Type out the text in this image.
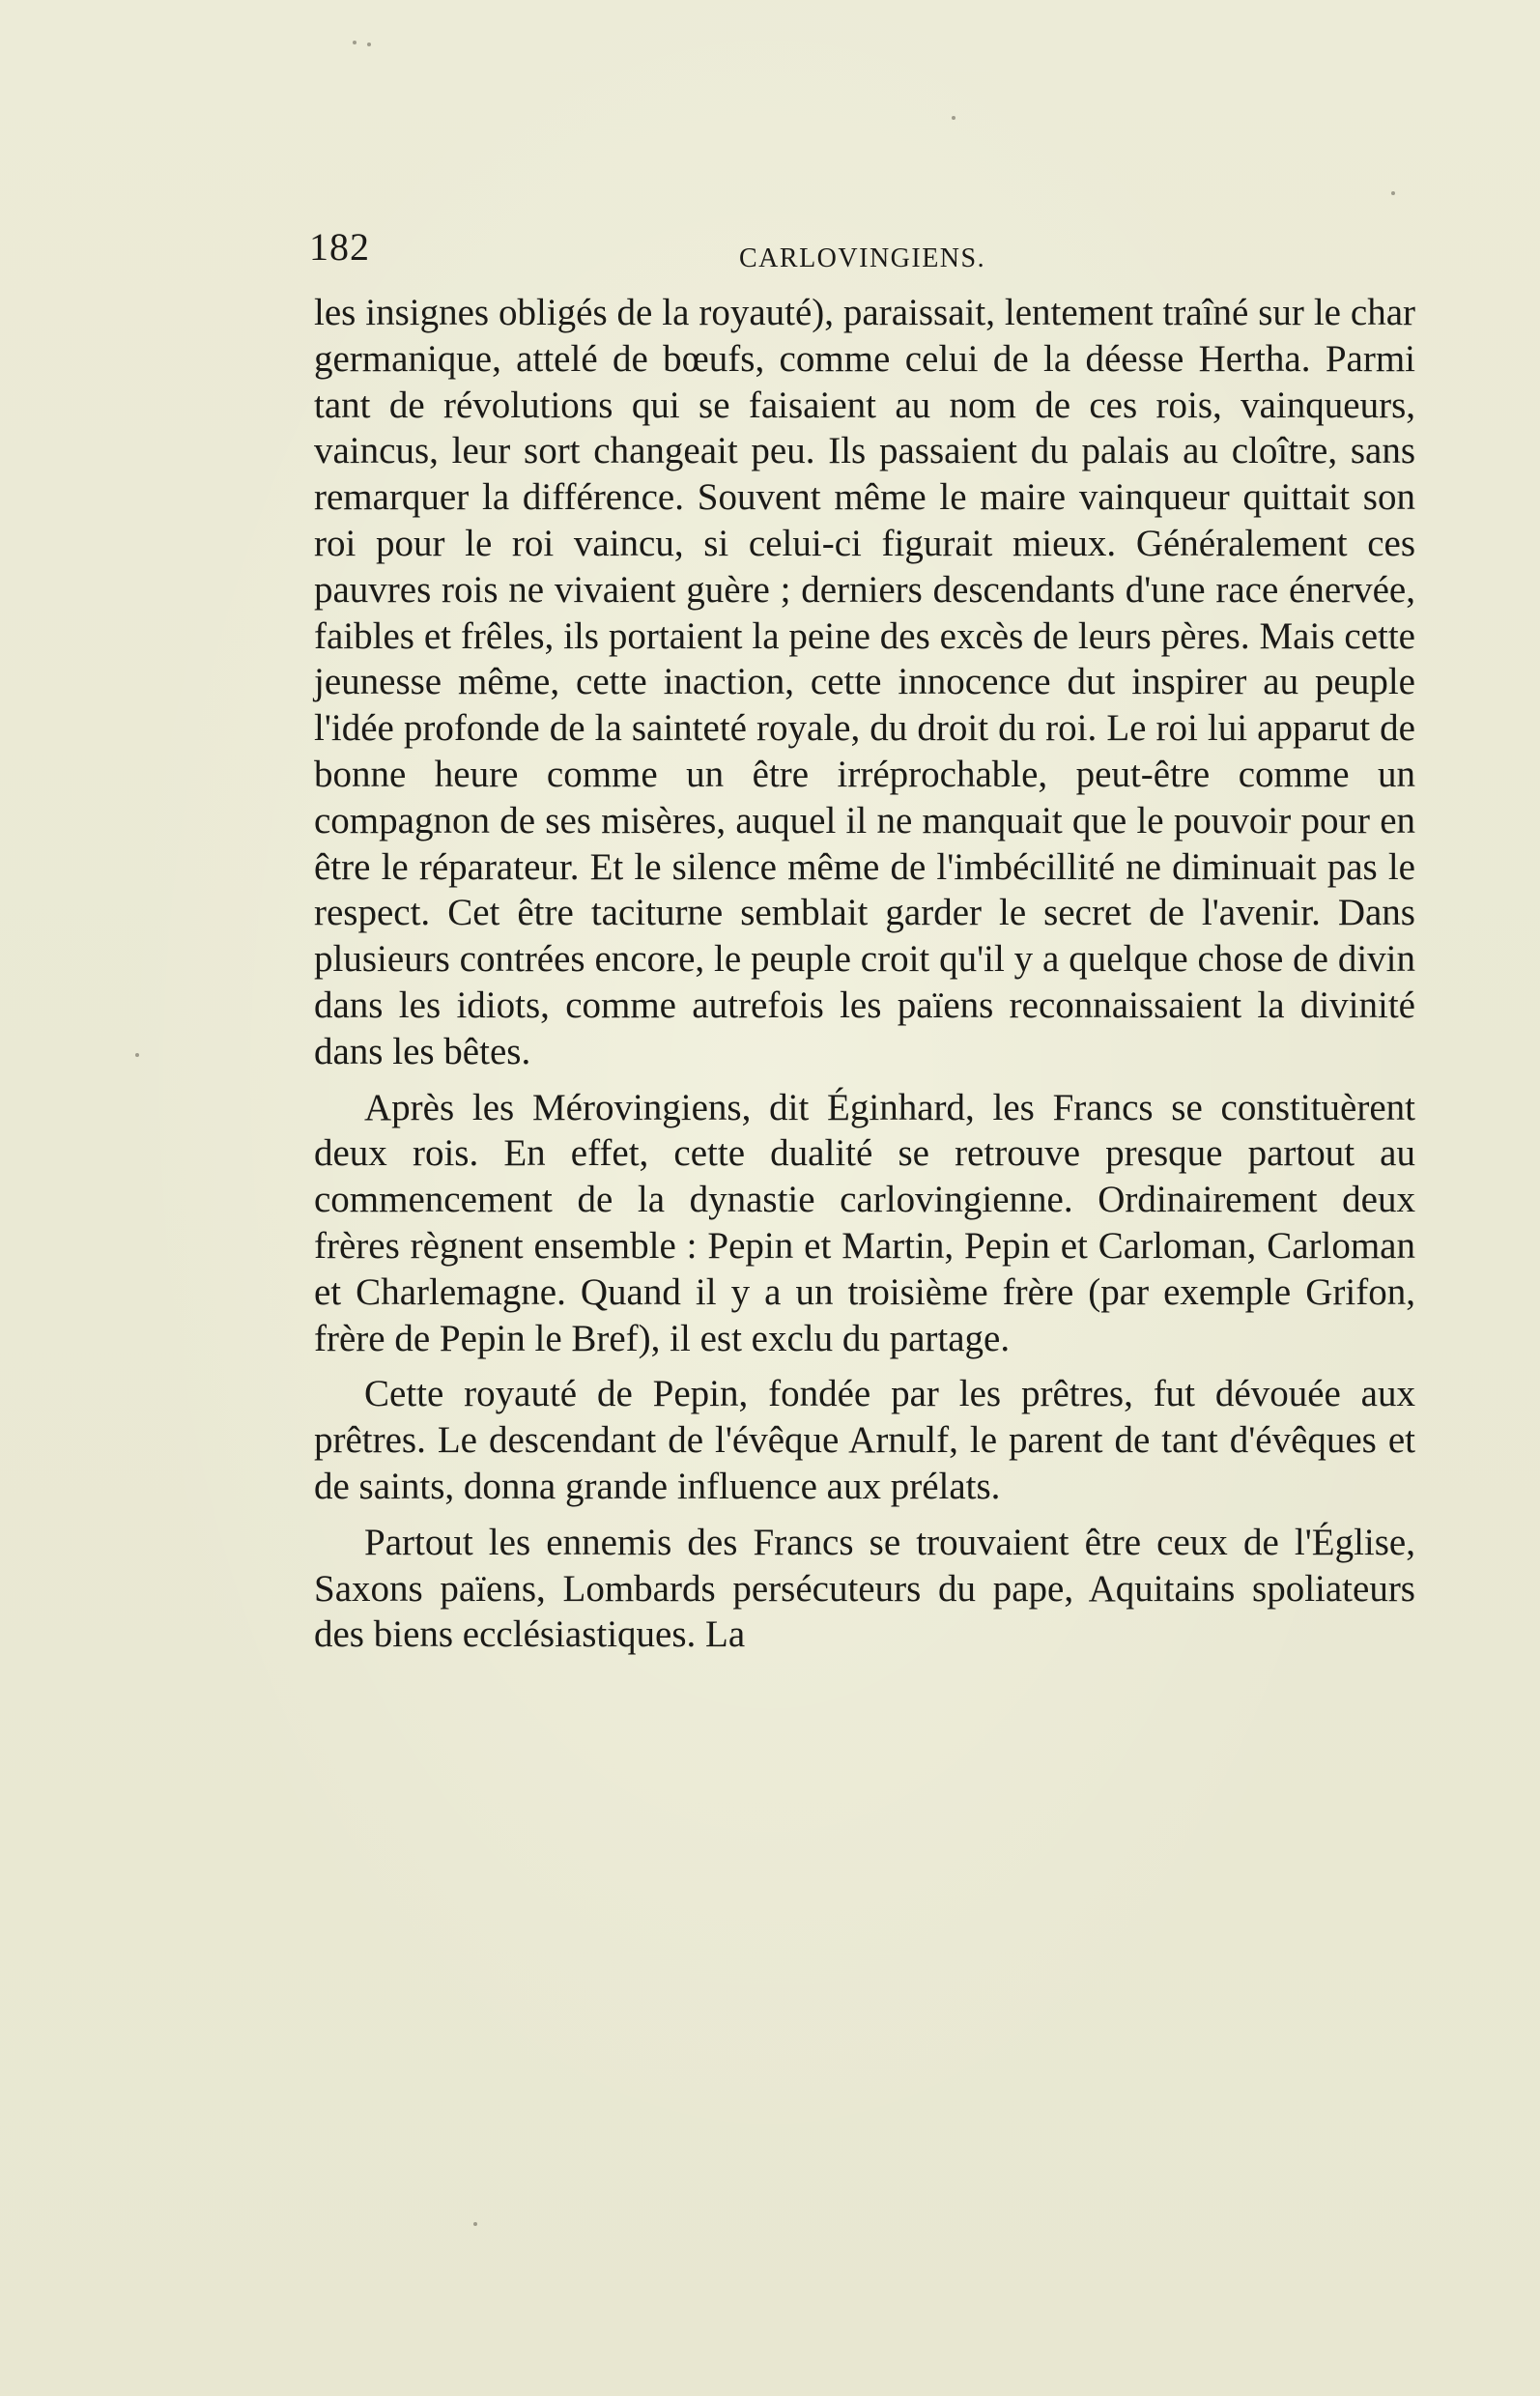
182	CARLOVINGIENS.

les insignes obligés de la royauté), paraissait, lentement traîné sur le char germanique, attelé de bœufs, comme celui de la déesse Hertha. Parmi tant de révolutions qui se faisaient au nom de ces rois, vainqueurs, vaincus, leur sort changeait peu. Ils passaient du palais au cloître, sans remarquer la différence. Souvent même le maire vainqueur quittait son roi pour le roi vaincu, si celui-ci figurait mieux. Généralement ces pauvres rois ne vivaient guère ; derniers descendants d'une race énervée, faibles et frêles, ils portaient la peine des excès de leurs pères. Mais cette jeunesse même, cette inaction, cette innocence dut inspirer au peuple l'idée profonde de la sainteté royale, du droit du roi. Le roi lui apparut de bonne heure comme un être irréprochable, peut-être comme un compagnon de ses misères, auquel il ne manquait que le pouvoir pour en être le réparateur. Et le silence même de l'imbécillité ne diminuait pas le respect. Cet être taciturne semblait garder le secret de l'avenir. Dans plusieurs contrées encore, le peuple croit qu'il y a quelque chose de divin dans les idiots, comme autrefois les païens reconnaissaient la divinité dans les bêtes.

Après les Mérovingiens, dit Éginhard, les Francs se constituèrent deux rois. En effet, cette dualité se retrouve presque partout au commencement de la dynastie carlovingienne. Ordinairement deux frères règnent ensemble : Pepin et Martin, Pepin et Carloman, Carloman et Charlemagne. Quand il y a un troisième frère (par exemple Grifon, frère de Pepin le Bref), il est exclu du partage.

Cette royauté de Pepin, fondée par les prêtres, fut dévouée aux prêtres. Le descendant de l'évêque Arnulf, le parent de tant d'évêques et de saints, donna grande influence aux prélats.

Partout les ennemis des Francs se trouvaient être ceux de l'Église, Saxons païens, Lombards persécuteurs du pape, Aquitains spoliateurs des biens ecclésiastiques. La
